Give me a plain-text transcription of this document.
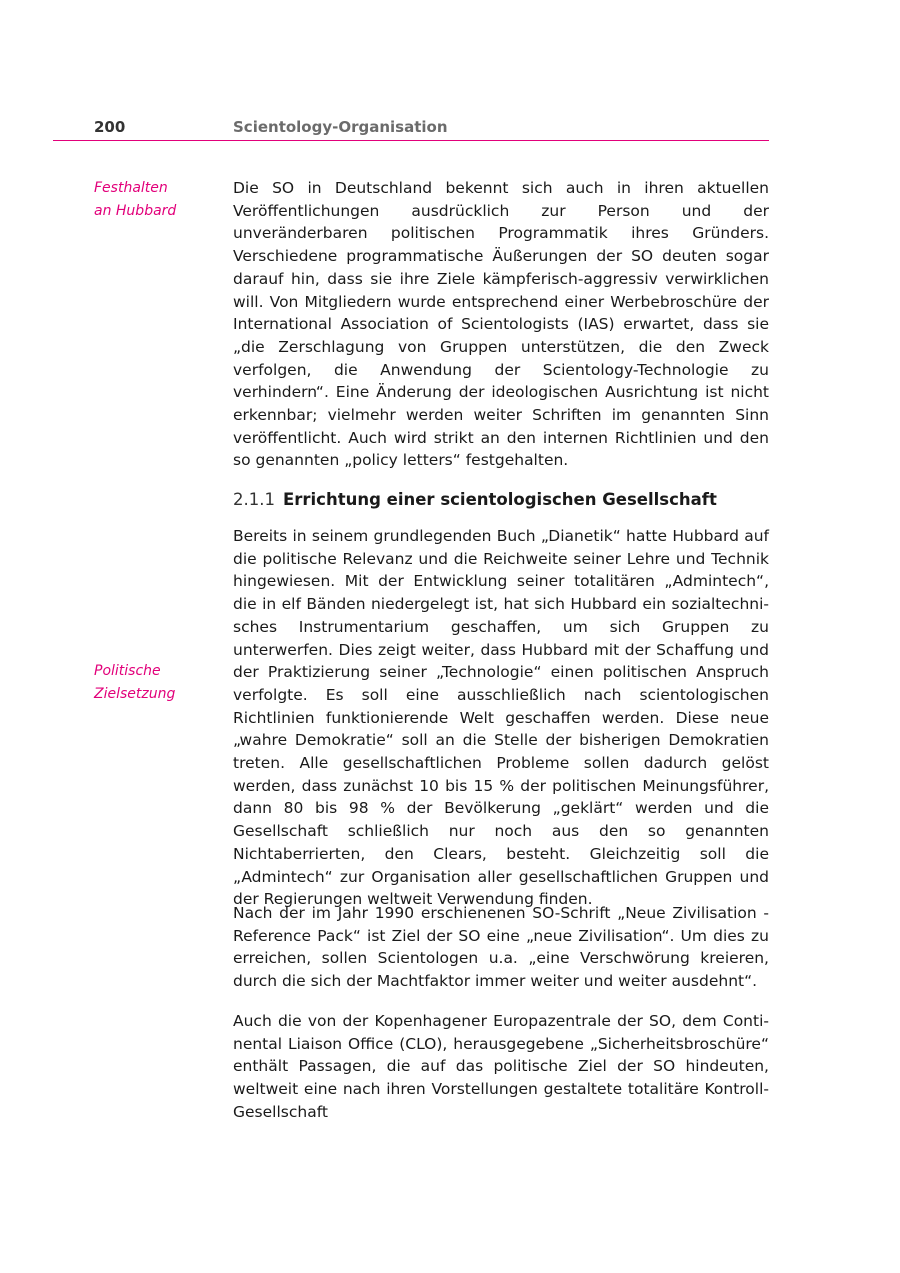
200	Scientology-Organisation
Festhalten
an Hubbard
Politische
Zielsetzung

Die SO in Deutschland bekennt sich auch in ihren aktuellen Veröffentlichungen ausdrücklich zur Person und der unveränderbaren politischen Programmatik ihres Gründers. Verschiedene programmatische Äußerungen der SO deuten sogar darauf hin, dass sie ihre Ziele kämpferisch-aggressiv verwirklichen will. Von Mitgliedern wurde entsprechend einer Werbebroschüre der International Association of Scientologists (IAS) erwartet, dass sie „die Zerschlagung von Gruppen unterstützen, die den Zweck verfolgen, die Anwendung der Scientology-Technologie zu verhindern“. Eine Änderung der ideologischen Ausrichtung ist nicht erkennbar; vielmehr werden weiter Schriften im genannten Sinn veröffentlicht. Auch wird strikt an den internen Richtlinien und den so genannten „policy letters“ festgehalten.

2.1.1 Errichtung einer scientologischen Gesellschaft

Bereits in seinem grundlegenden Buch „Dianetik“ hatte Hubbard auf die politische Relevanz und die Reichweite seiner Lehre und Technik hingewiesen. Mit der Entwicklung seiner totalitären „Admintech“, die in elf Bänden niedergelegt ist, hat sich Hubbard ein sozialtechnisches Instrumentarium geschaffen, um sich Gruppen zu unterwerfen. Dies zeigt weiter, dass Hubbard mit der Schaffung und der Praktizierung seiner „Technologie“ einen politischen Anspruch verfolgte. Es soll eine ausschließlich nach scientologischen Richtlinien funktionierende Welt geschaffen werden. Diese neue „wahre Demokratie“ soll an die Stelle der bisherigen Demokratien treten. Alle gesellschaftlichen Probleme sollen dadurch gelöst werden, dass zunächst 10 bis 15 % der politischen Meinungsführer, dann 80 bis 98 % der Bevölkerung „geklärt“ werden und die Gesellschaft schließlich nur noch aus den so genannten Nichtaberrierten, den Clears, besteht. Gleichzeitig soll die „Admintech“ zur Organisation aller gesellschaftlichen Gruppen und der Regierungen weltweit Verwendung finden.

Nach der im Jahr 1990 erschienenen SO-Schrift „Neue Zivilisation - Reference Pack“ ist Ziel der SO eine „neue Zivilisation“. Um dies zu erreichen, sollen Scientologen u.a. „eine Verschwörung kreieren, durch die sich der Machtfaktor immer weiter und weiter ausdehnt“.

Auch die von der Kopenhagener Europazentrale der SO, dem Continental Liaison Office (CLO), herausgegebene „Sicherheitsbroschüre“ enthält Passagen, die auf das politische Ziel der SO hindeuten, weltweit eine nach ihren Vorstellungen gestaltete totalitäre Kontroll-Gesellschaft
